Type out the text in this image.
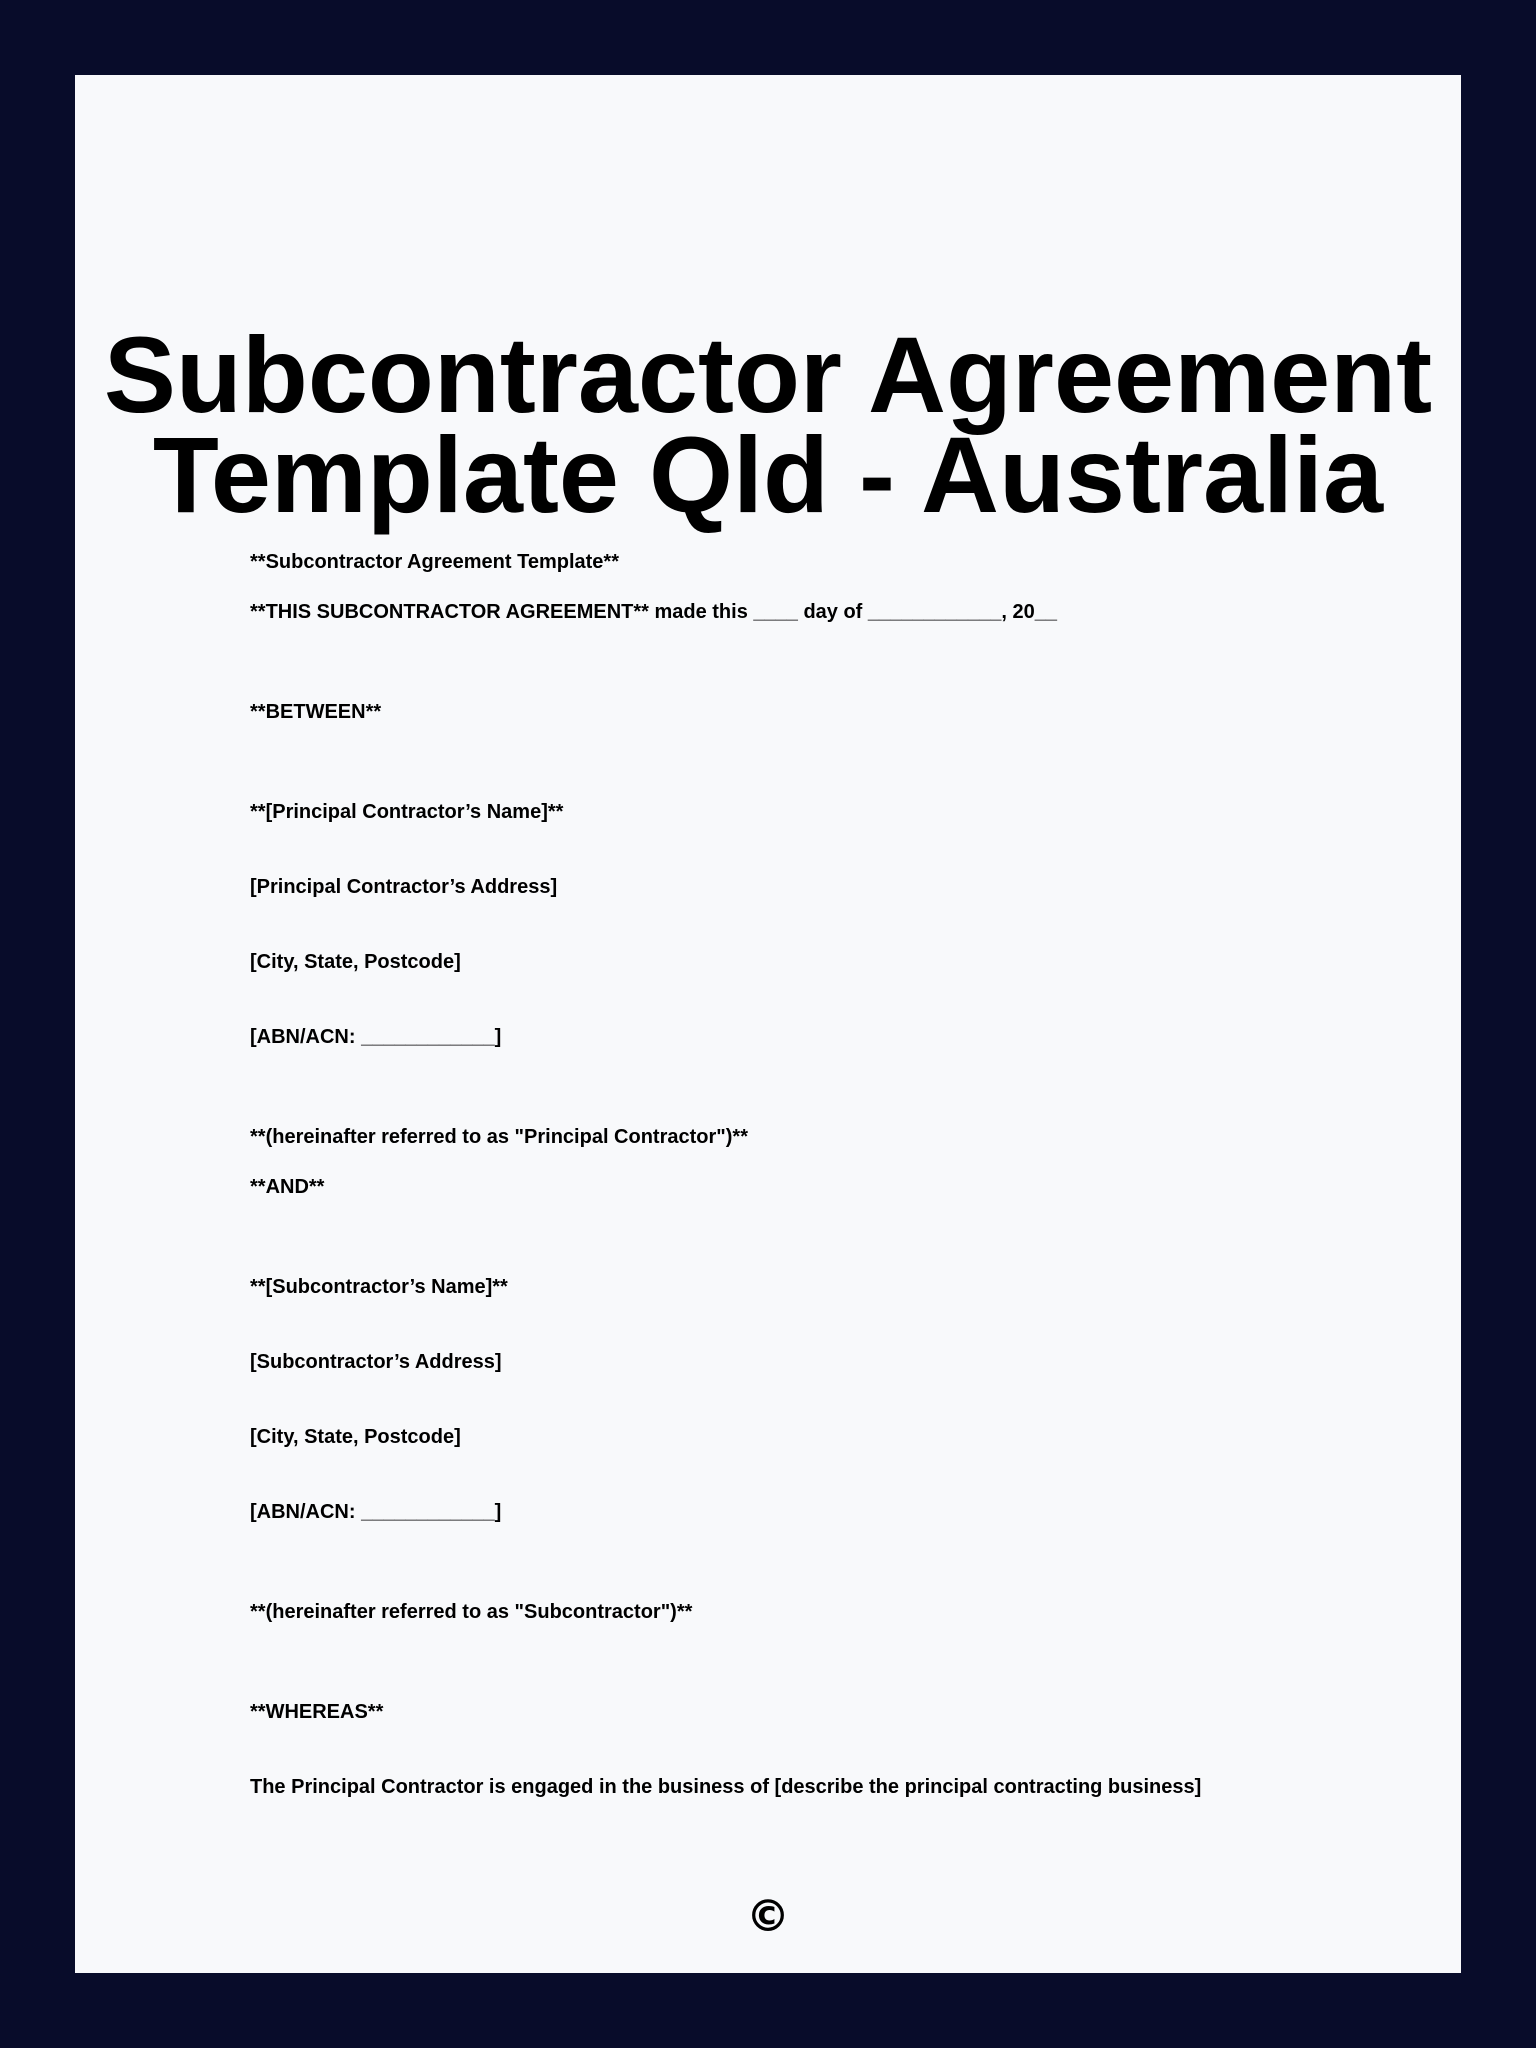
Subcontractor Agreement
Template Qld - Australia

**Subcontractor Agreement Template**

**THIS SUBCONTRACTOR AGREEMENT** made this ____ day of ____________, 20__

**BETWEEN**

**[Principal Contractor’s Name]**

[Principal Contractor’s Address]

[City, State, Postcode]

[ABN/ACN: ____________]

**(hereinafter referred to as "Principal Contractor")**

**AND**

**[Subcontractor’s Name]**

[Subcontractor’s Address]

[City, State, Postcode]

[ABN/ACN: ____________]

**(hereinafter referred to as "Subcontractor")**

**WHEREAS**

The Principal Contractor is engaged in the business of [describe the principal contracting business]

©
